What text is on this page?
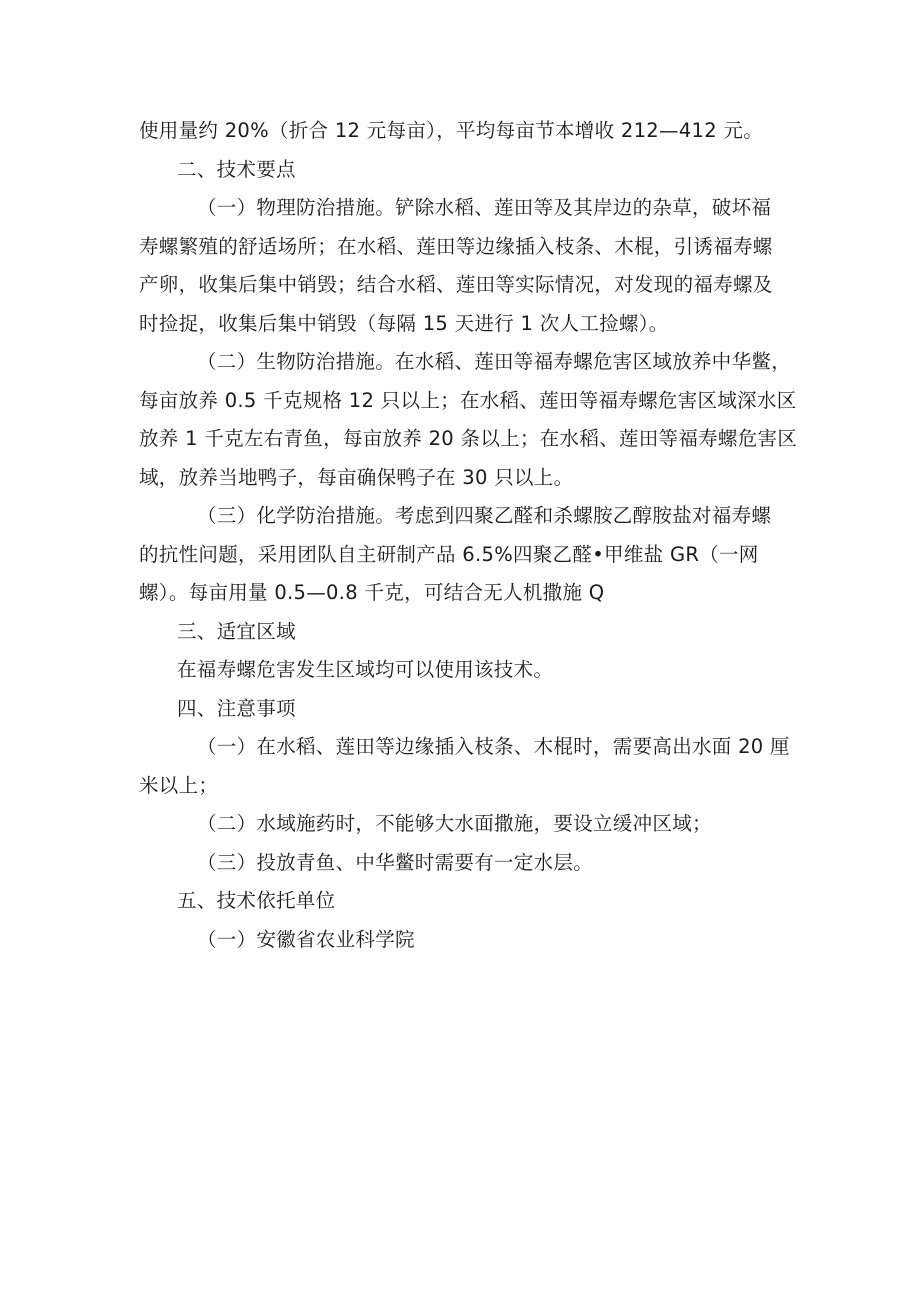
使用量约 20%（折合 12 元每亩），平均每亩节本增收 212—412 元。
二、技术要点
（一）物理防治措施。铲除水稻、莲田等及其岸边的杂草，破坏福
寿螺繁殖的舒适场所；在水稻、莲田等边缘插入枝条、木棍，引诱福寿螺
产卵，收集后集中销毁；结合水稻、莲田等实际情况，对发现的福寿螺及
时捡捉，收集后集中销毁（每隔 15 天进行 1 次人工捡螺）。
（二）生物防治措施。在水稻、莲田等福寿螺危害区域放养中华鳖，
每亩放养 0.5 千克规格 12 只以上；在水稻、莲田等福寿螺危害区域深水区
放养 1 千克左右青鱼，每亩放养 20 条以上；在水稻、莲田等福寿螺危害区
域，放养当地鸭子，每亩确保鸭子在 30 只以上。
（三）化学防治措施。考虑到四聚乙醛和杀螺胺乙醇胺盐对福寿螺
的抗性问题，采用团队自主研制产品 6.5%四聚乙醛•甲维盐 GR（一网
螺）。每亩用量 0.5—0.8 千克，可结合无人机撒施 Q
三、适宜区域
在福寿螺危害发生区域均可以使用该技术。
四、注意事项
（一）在水稻、莲田等边缘插入枝条、木棍时，需要高出水面 20 厘
米以上；
（二）水域施药时，不能够大水面撒施，要设立缓冲区域；
（三）投放青鱼、中华鳖时需要有一定水层。
五、技术依托单位
（一）安徽省农业科学院
